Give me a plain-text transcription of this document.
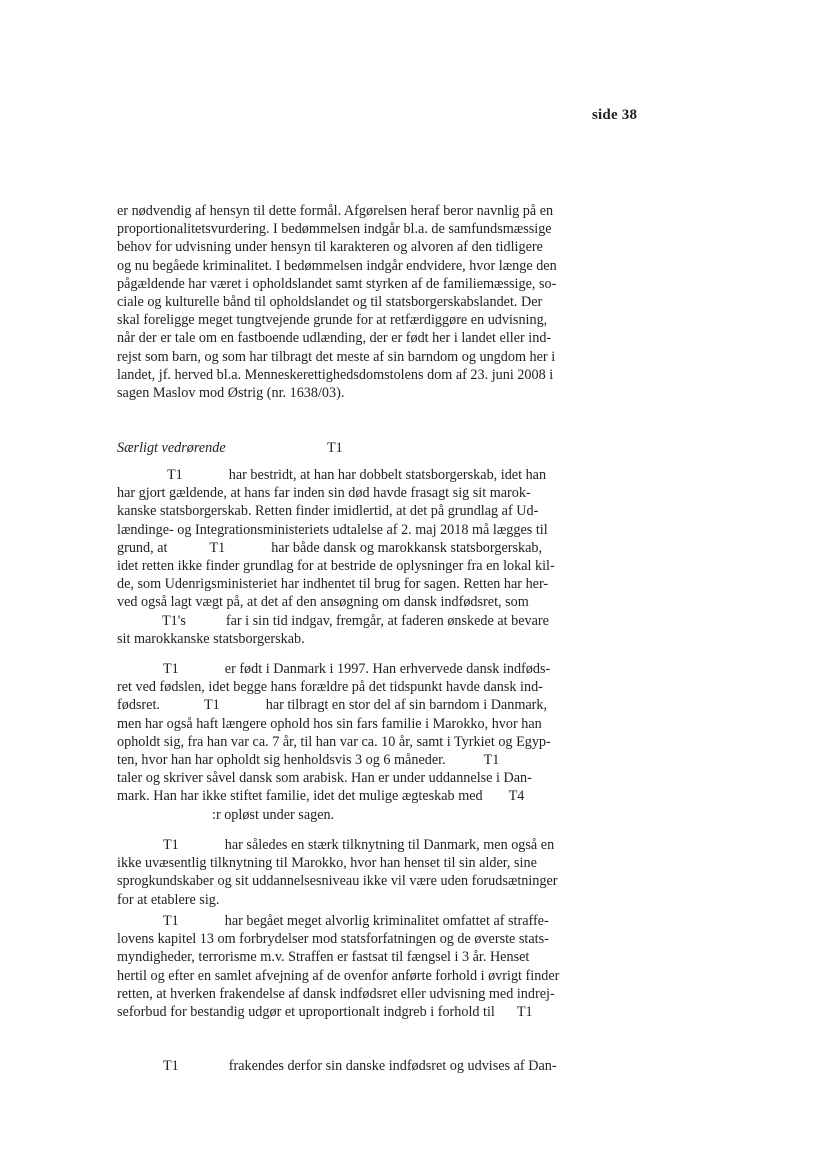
side 38
er nødvendig af hensyn til dette formål. Afgørelsen heraf beror navnlig på en
proportionalitetsvurdering. I bedømmelsen indgår bl.a. de samfundsmæssige
behov for udvisning under hensyn til karakteren og alvoren af den tidligere
og nu begåede kriminalitet. I bedømmelsen indgår endvidere, hvor længe den
pågældende har været i opholdslandet samt styrken af de familiemæssige, so-
ciale og kulturelle bånd til opholdslandet og til statsborgerskabslandet. Der
skal foreligge meget tungtvejende grunde for at retfærdiggøre en udvisning,
når der er tale om en fastboende udlænding, der er født her i landet eller ind-
rejst som barn, og som har tilbragt det meste af sin barndom og ungdom her i
landet, jf. herved bl.a. Menneskerettighedsdomstolens dom af 23. juni 2008 i
sagen Maslov mod Østrig (nr. 1638/03).
Særligt vedrørende	T1
T1	har bestridt, at han har dobbelt statsborgerskab, idet han
har gjort gældende, at hans far inden sin død havde frasagt sig sit marok-
kanske statsborgerskab. Retten finder imidlertid, at det på grundlag af Ud-
lændinge- og Integrationsministeriets udtalelse af 2. maj 2018 må lægges til
grund, at	T1	har både dansk og marokkansk statsborgerskab,
idet retten ikke finder grundlag for at bestride de oplysninger fra en lokal kil-
de, som Udenrigsministeriet har indhentet til brug for sagen. Retten har her-
ved også lagt vægt på, at det af den ansøgning om dansk indfødsret, som
T1's	far i sin tid indgav, fremgår, at faderen ønskede at bevare
sit marokkanske statsborgerskab.
T1	er født i Danmark i 1997. Han erhvervede dansk indføds-
ret ved fødslen, idet begge hans forældre på det tidspunkt havde dansk ind-
fødsret.	T1	har tilbragt en stor del af sin barndom i Danmark,
men har også haft længere ophold hos sin fars familie i Marokko, hvor han
opholdt sig, fra han var ca. 7 år, til han var ca. 10 år, samt i Tyrkiet og Egyp-
ten, hvor han har opholdt sig henholdsvis 3 og 6 måneder.	T1
taler og skriver såvel dansk som arabisk. Han er under uddannelse i Dan-
mark. Han har ikke stiftet familie, idet det mulige ægteskab med T4
:r opløst under sagen.
T1	har således en stærk tilknytning til Danmark, men også en
ikke uvæsentlig tilknytning til Marokko, hvor han henset til sin alder, sine
sprogkundskaber og sit uddannelsesniveau ikke vil være uden forudsætninger
for at etablere sig.
T1	har begået meget alvorlig kriminalitet omfattet af straffe-
lovens kapitel 13 om forbrydelser mod statsforfatningen og de øverste stats-
myndigheder, terrorisme m.v. Straffen er fastsat til fængsel i 3 år. Henset
hertil og efter en samlet afvejning af de ovenfor anførte forhold i øvrigt finder
retten, at hverken frakendelse af dansk indfødsret eller udvisning med indrej-
seforbud for bestandig udgør et uproportionalt indgreb i forhold til T1
T1	frakendes derfor sin danske indfødsret og udvises af Dan-
